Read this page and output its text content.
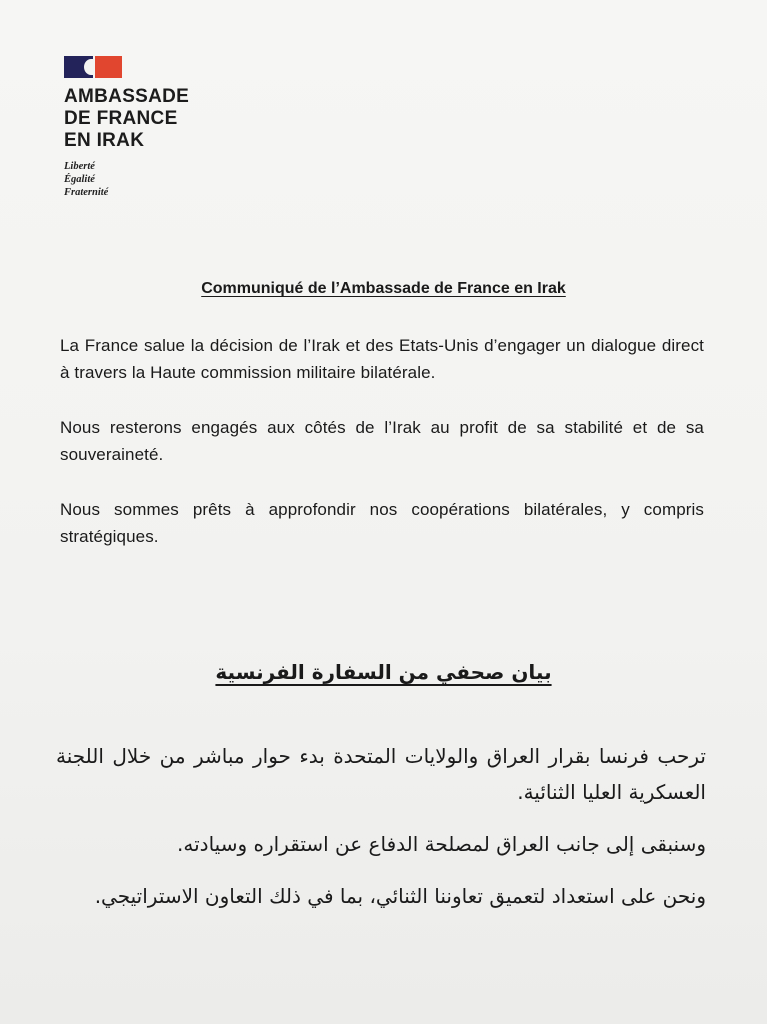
AMBASSADE
DE FRANCE
EN IRAK
Liberté
Égalité
Fraternité
Communiqué de l’Ambassade de France en Irak
La France salue la décision de l’Irak et des Etats-Unis d’engager un dialogue direct à travers la Haute commission militaire bilatérale.
Nous resterons engagés aux côtés de l’Irak au profit de sa stabilité et de sa souveraineté.
Nous sommes prêts à approfondir nos coopérations bilatérales, y compris stratégiques.
بيان صحفي من السفارة الفرنسية
ترحب فرنسا بقرار العراق والولايات المتحدة بدء حوار مباشر من خلال اللجنة العسكرية العليا الثنائية.
وسنبقى إلى جانب العراق لمصلحة الدفاع عن استقراره وسيادته.
ونحن على استعداد لتعميق تعاوننا الثنائي، بما في ذلك التعاون الاستراتيجي.
